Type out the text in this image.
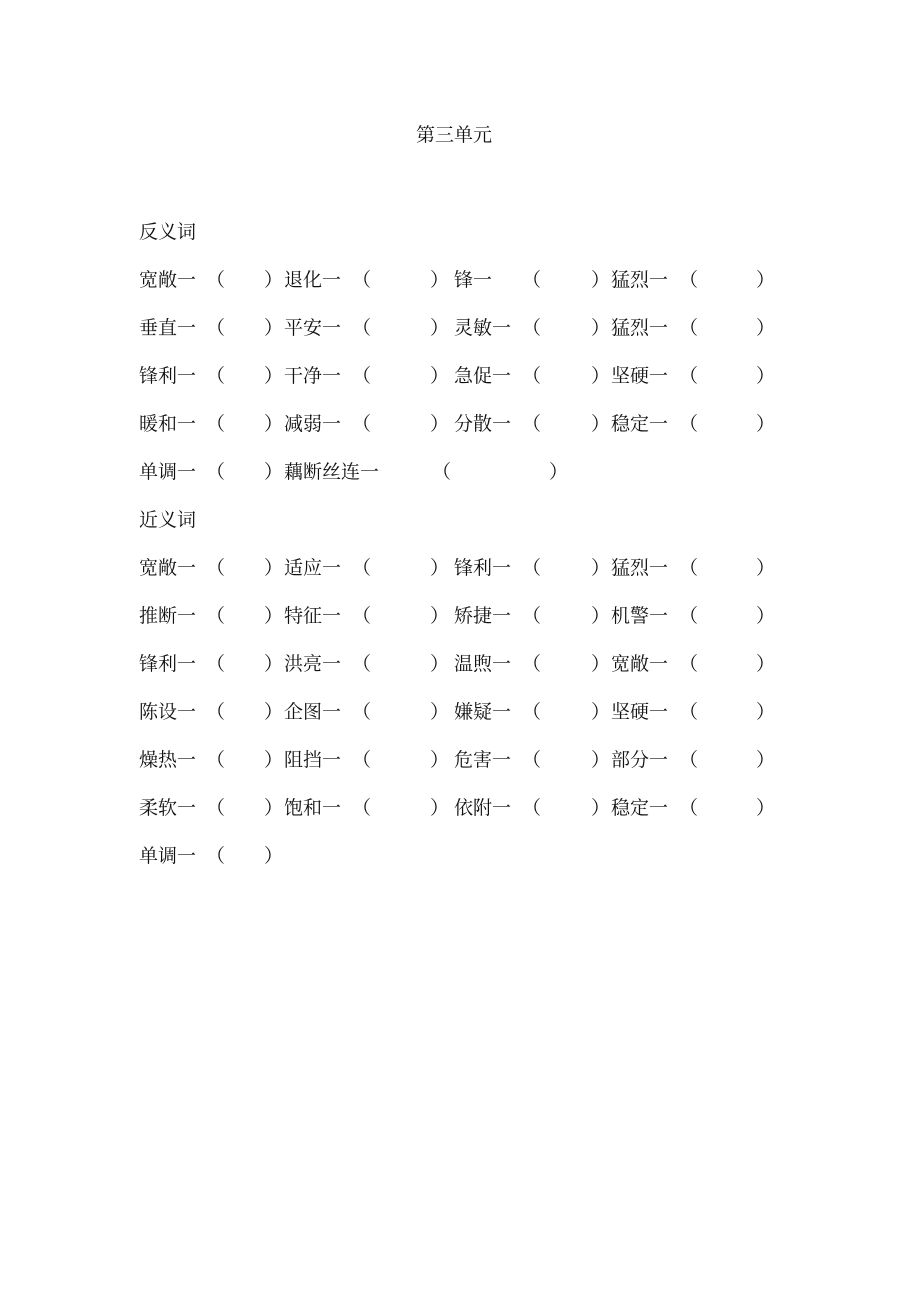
第三单元
反义词
宽敞一 （ ） 退化一 （	） 锋一 （	） 猛烈一 （	）
垂直一 （ ） 平安一 （	） 灵敏一 （	） 猛烈一 （	）
锋利一 （ ） 干净一 （	） 急促一 （	） 坚硬一 （	）
暖和一 （ ） 减弱一 （	） 分散一 （	） 稳定一 （	）
单调一 （ ） 藕断丝连一	（	）
近义词
宽敞一 （ ） 适应一 （	） 锋利一 （	） 猛烈一 （	）
推断一 （ ） 特征一 （	） 矫捷一 （	） 机警一 （	）
锋利一 （ ） 洪亮一 （	） 温煦一 （	） 宽敞一 （	）
陈设一 （ ） 企图一 （	） 嫌疑一 （	） 坚硬一 （	）
燥热一 （ ） 阻挡一 （	） 危害一 （	） 部分一 （	）
柔软一 （ ） 饱和一 （	） 依附一 （	） 稳定一 （	）
单调一 （ ）
